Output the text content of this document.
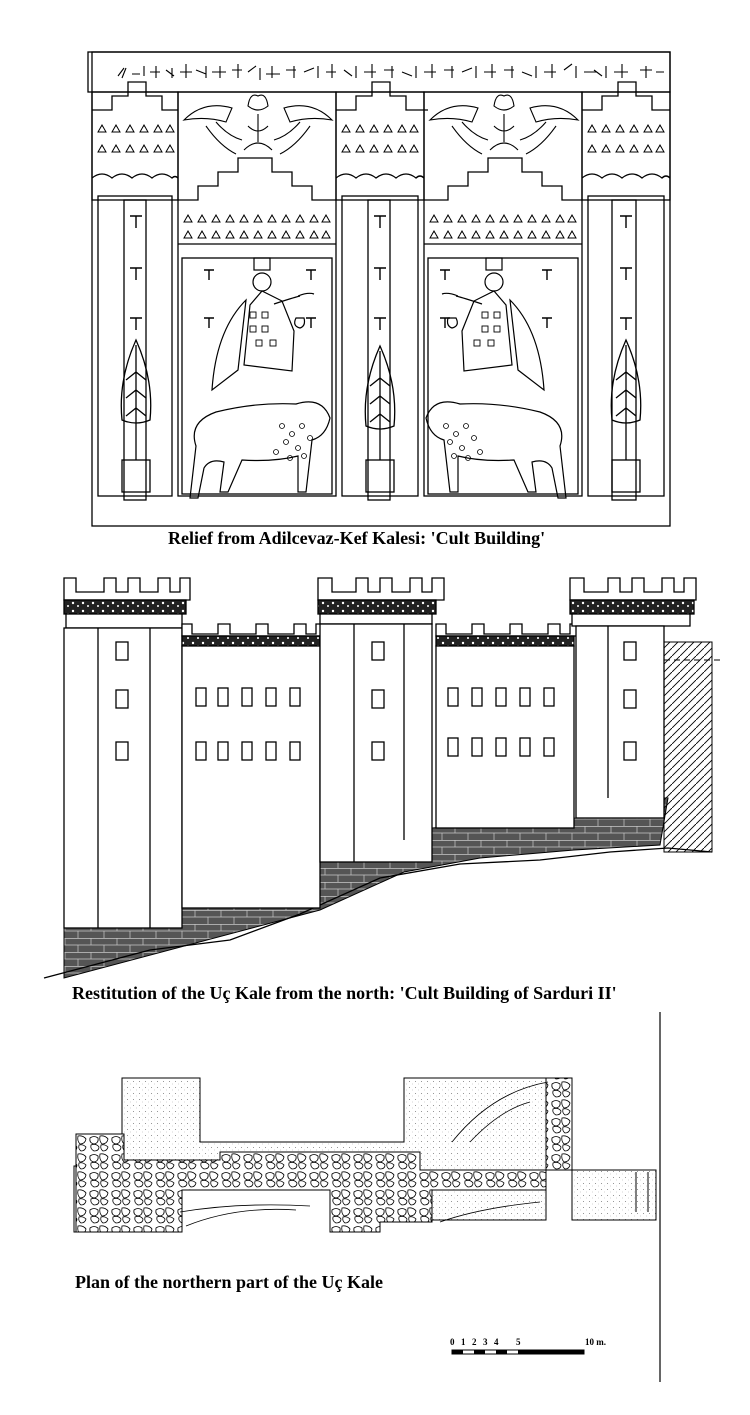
Relief from Adilcevaz-Kef Kalesi: 'Cult Building'
Restitution of the Uç Kale from the north: 'Cult Building of Sarduri II'
0 1 2 3 4 5	10 m.
Plan of the northern part of the Uç Kale
